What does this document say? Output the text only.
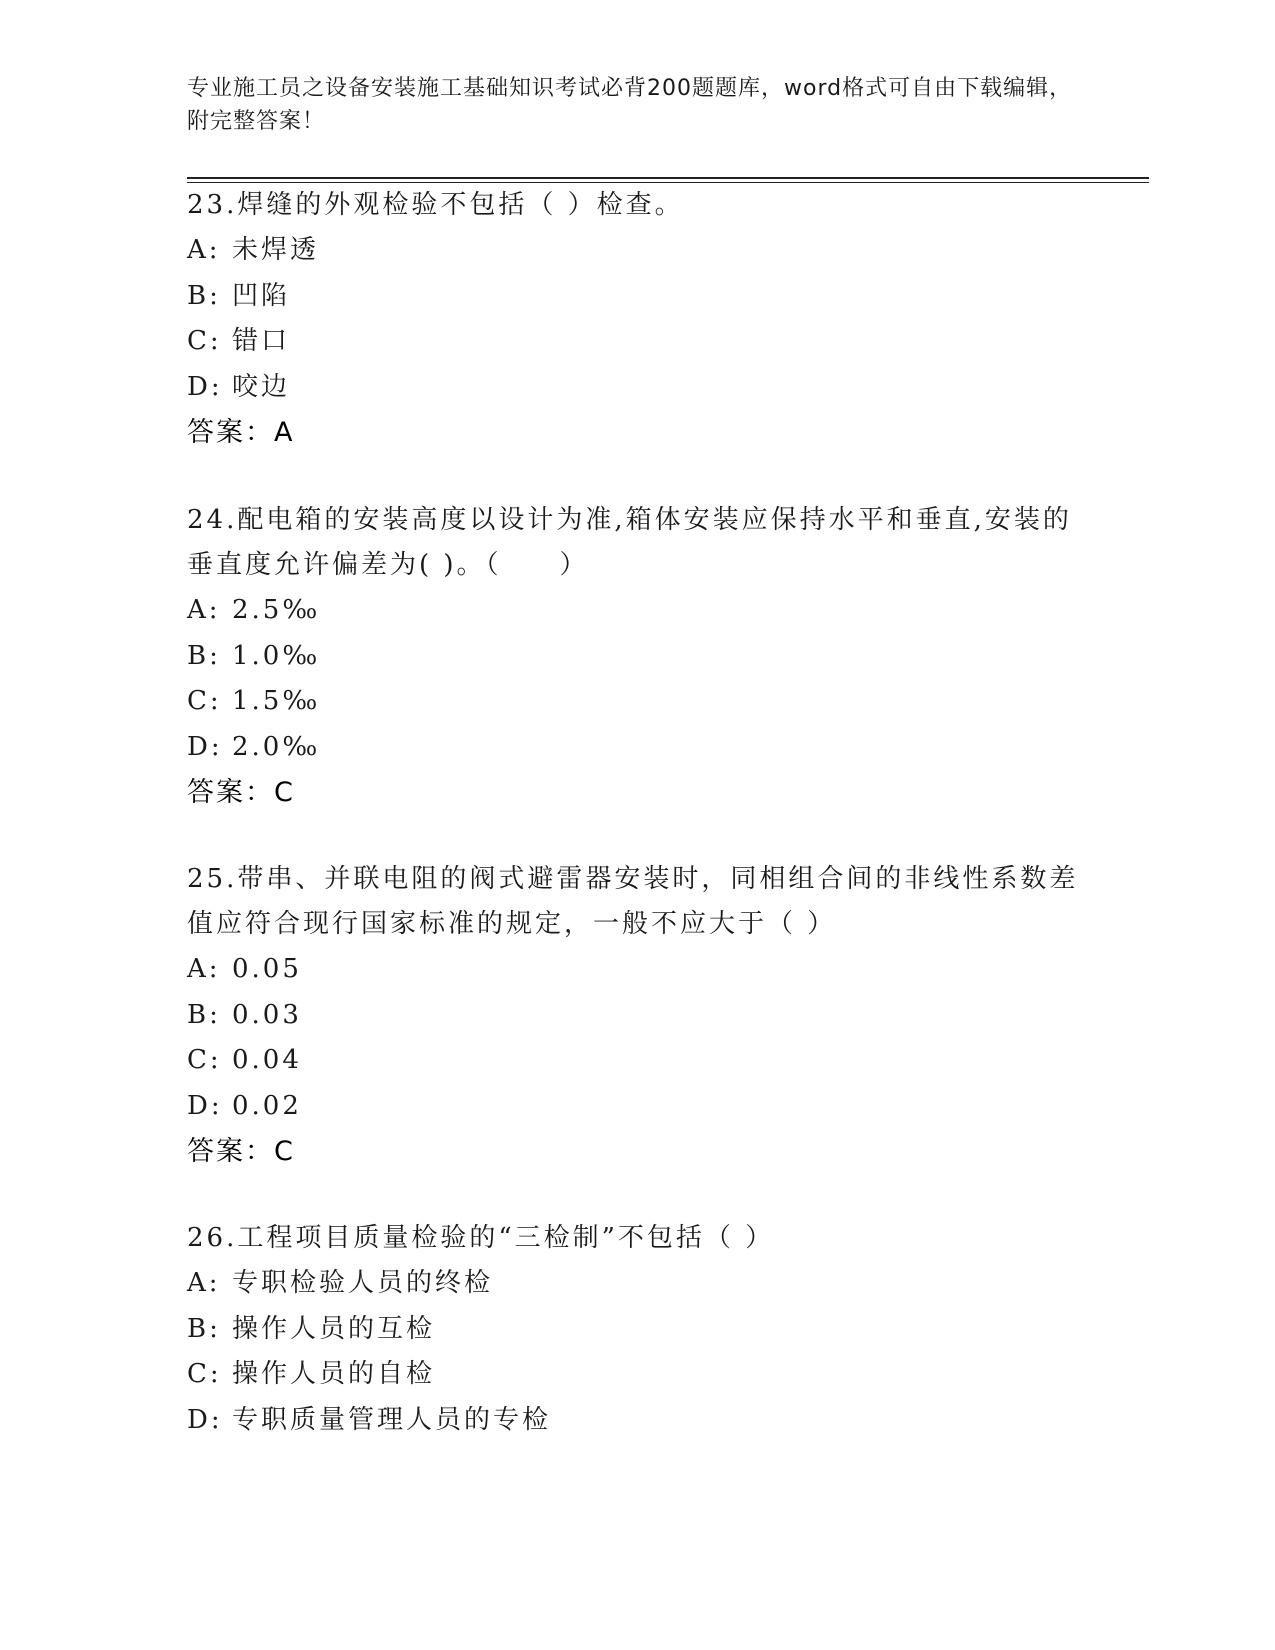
专业施工员之设备安装施工基础知识考试必背200题题库，word格式可自由下载编辑，附完整答案！

23.焊缝的外观检验不包括（ ）检查。

A: 未焊透

B: 凹陷

C: 错口

D: 咬边

答案：A

24.配电箱的安装高度以设计为准,箱体安装应保持水平和垂直,安装的垂直度允许偏差为( )。（　　）

A: 2.5‰

B: 1.0‰

C: 1.5‰

D: 2.0‰

答案：C

25.带串、并联电阻的阀式避雷器安装时，同相组合间的非线性系数差值应符合现行国家标准的规定，一般不应大于（ ）

A: 0.05

B: 0.03

C: 0.04

D: 0.02

答案：C

26.工程项目质量检验的“三检制”不包括（ ）

A: 专职检验人员的终检

B: 操作人员的互检

C: 操作人员的自检

D: 专职质量管理人员的专检
